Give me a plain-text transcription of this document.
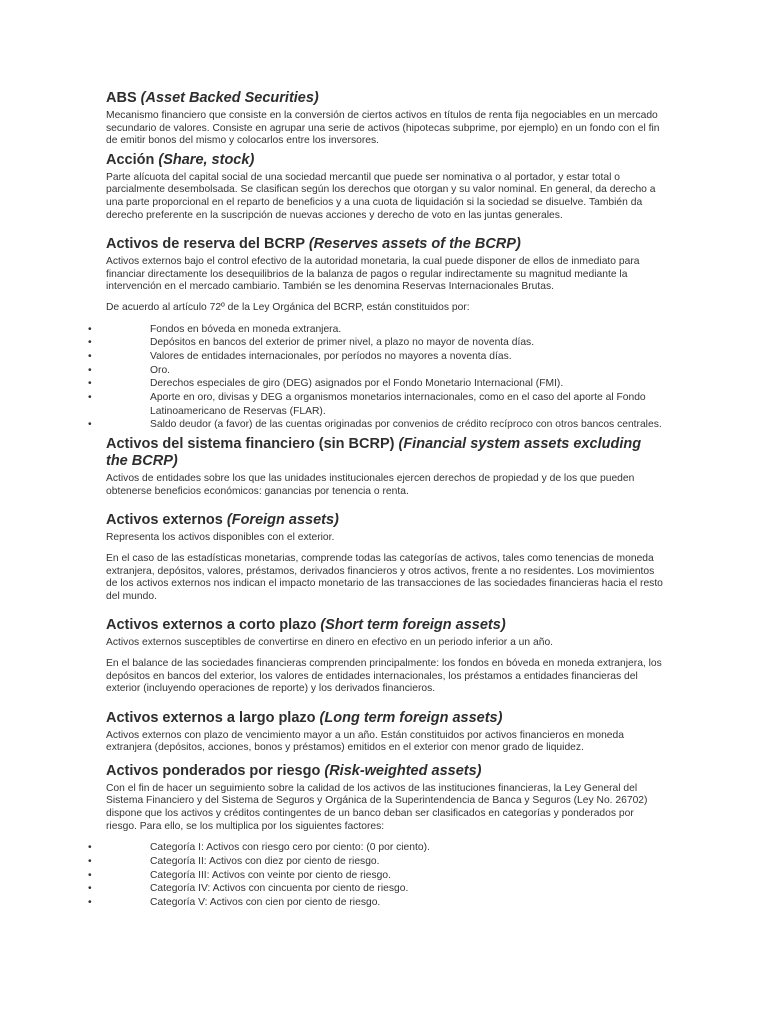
ABS (Asset Backed Securities)

Mecanismo financiero que consiste en la conversión de ciertos activos en títulos de renta fija negociables en un mercado secundario de valores. Consiste en agrupar una serie de activos (hipotecas subprime, por ejemplo) en un fondo con el fin de emitir bonos del mismo y colocarlos entre los inversores.

Acción (Share, stock)

Parte alícuota del capital social de una sociedad mercantil que puede ser nominativa o al portador, y estar total o parcialmente desembolsada. Se clasifican según los derechos que otorgan y su valor nominal. En general, da derecho a una parte proporcional en el reparto de beneficios y a una cuota de liquidación si la sociedad se disuelve. También da derecho preferente en la suscripción de nuevas acciones y derecho de voto en las juntas generales.

Activos de reserva del BCRP (Reserves assets of the BCRP)

Activos externos bajo el control efectivo de la autoridad monetaria, la cual puede disponer de ellos de inmediato para financiar directamente los desequilibrios de la balanza de pagos o regular indirectamente su magnitud mediante la intervención en el mercado cambiario. También se les denomina Reservas Internacionales Brutas.

De acuerdo al artículo 72º de la Ley Orgánica del BCRP, están constituidos por:

•	Fondos en bóveda en moneda extranjera.
•	Depósitos en bancos del exterior de primer nivel, a plazo no mayor de noventa días.
•	Valores de entidades internacionales, por períodos no mayores a noventa días.
•	Oro.
•	Derechos especiales de giro (DEG) asignados por el Fondo Monetario Internacional (FMI).
•	Aporte en oro, divisas y DEG a organismos monetarios internacionales, como en el caso del aporte al Fondo Latinoamericano de Reservas (FLAR).
•	Saldo deudor (a favor) de las cuentas originadas por convenios de crédito recíproco con otros bancos centrales.
Activos del sistema financiero (sin BCRP) (Financial system assets excluding the BCRP)

Activos de entidades sobre los que las unidades institucionales ejercen derechos de propiedad y de los que pueden obtenerse beneficios económicos: ganancias por tenencia o renta.

Activos externos (Foreign assets)

Representa los activos disponibles con el exterior.

En el caso de las estadísticas monetarias, comprende todas las categorías de activos, tales como tenencias de moneda extranjera, depósitos, valores, préstamos, derivados financieros y otros activos, frente a no residentes. Los movimientos de los activos externos nos indican el impacto monetario de las transacciones de las sociedades financieras hacia el resto del mundo.

Activos externos a corto plazo (Short term foreign assets)

Activos externos susceptibles de convertirse en dinero en efectivo en un periodo inferior a un año.

En el balance de las sociedades financieras comprenden principalmente: los fondos en bóveda en moneda extranjera, los depósitos en bancos del exterior, los valores de entidades internacionales, los préstamos a entidades financieras del exterior (incluyendo operaciones de reporte) y los derivados financieros.

Activos externos a largo plazo (Long term foreign assets)

Activos externos con plazo de vencimiento mayor a un año. Están constituidos por activos financieros en moneda extranjera (depósitos, acciones, bonos y préstamos) emitidos en el exterior con menor grado de liquidez.

Activos ponderados por riesgo (Risk-weighted assets)

Con el fin de hacer un seguimiento sobre la calidad de los activos de las instituciones financieras, la Ley General del Sistema Financiero y del Sistema de Seguros y Orgánica de la Superintendencia de Banca y Seguros (Ley No. 26702) dispone que los activos y créditos contingentes de un banco deban ser clasificados en categorías y ponderados por riesgo. Para ello, se los multiplica por los siguientes factores:

•	Categoría I: Activos con riesgo cero por ciento: (0 por ciento).
•	Categoría II: Activos con diez por ciento de riesgo.
•	Categoría III: Activos con veinte por ciento de riesgo.
•	Categoría IV: Activos con cincuenta por ciento de riesgo.
•	Categoría V: Activos con cien por ciento de riesgo.
